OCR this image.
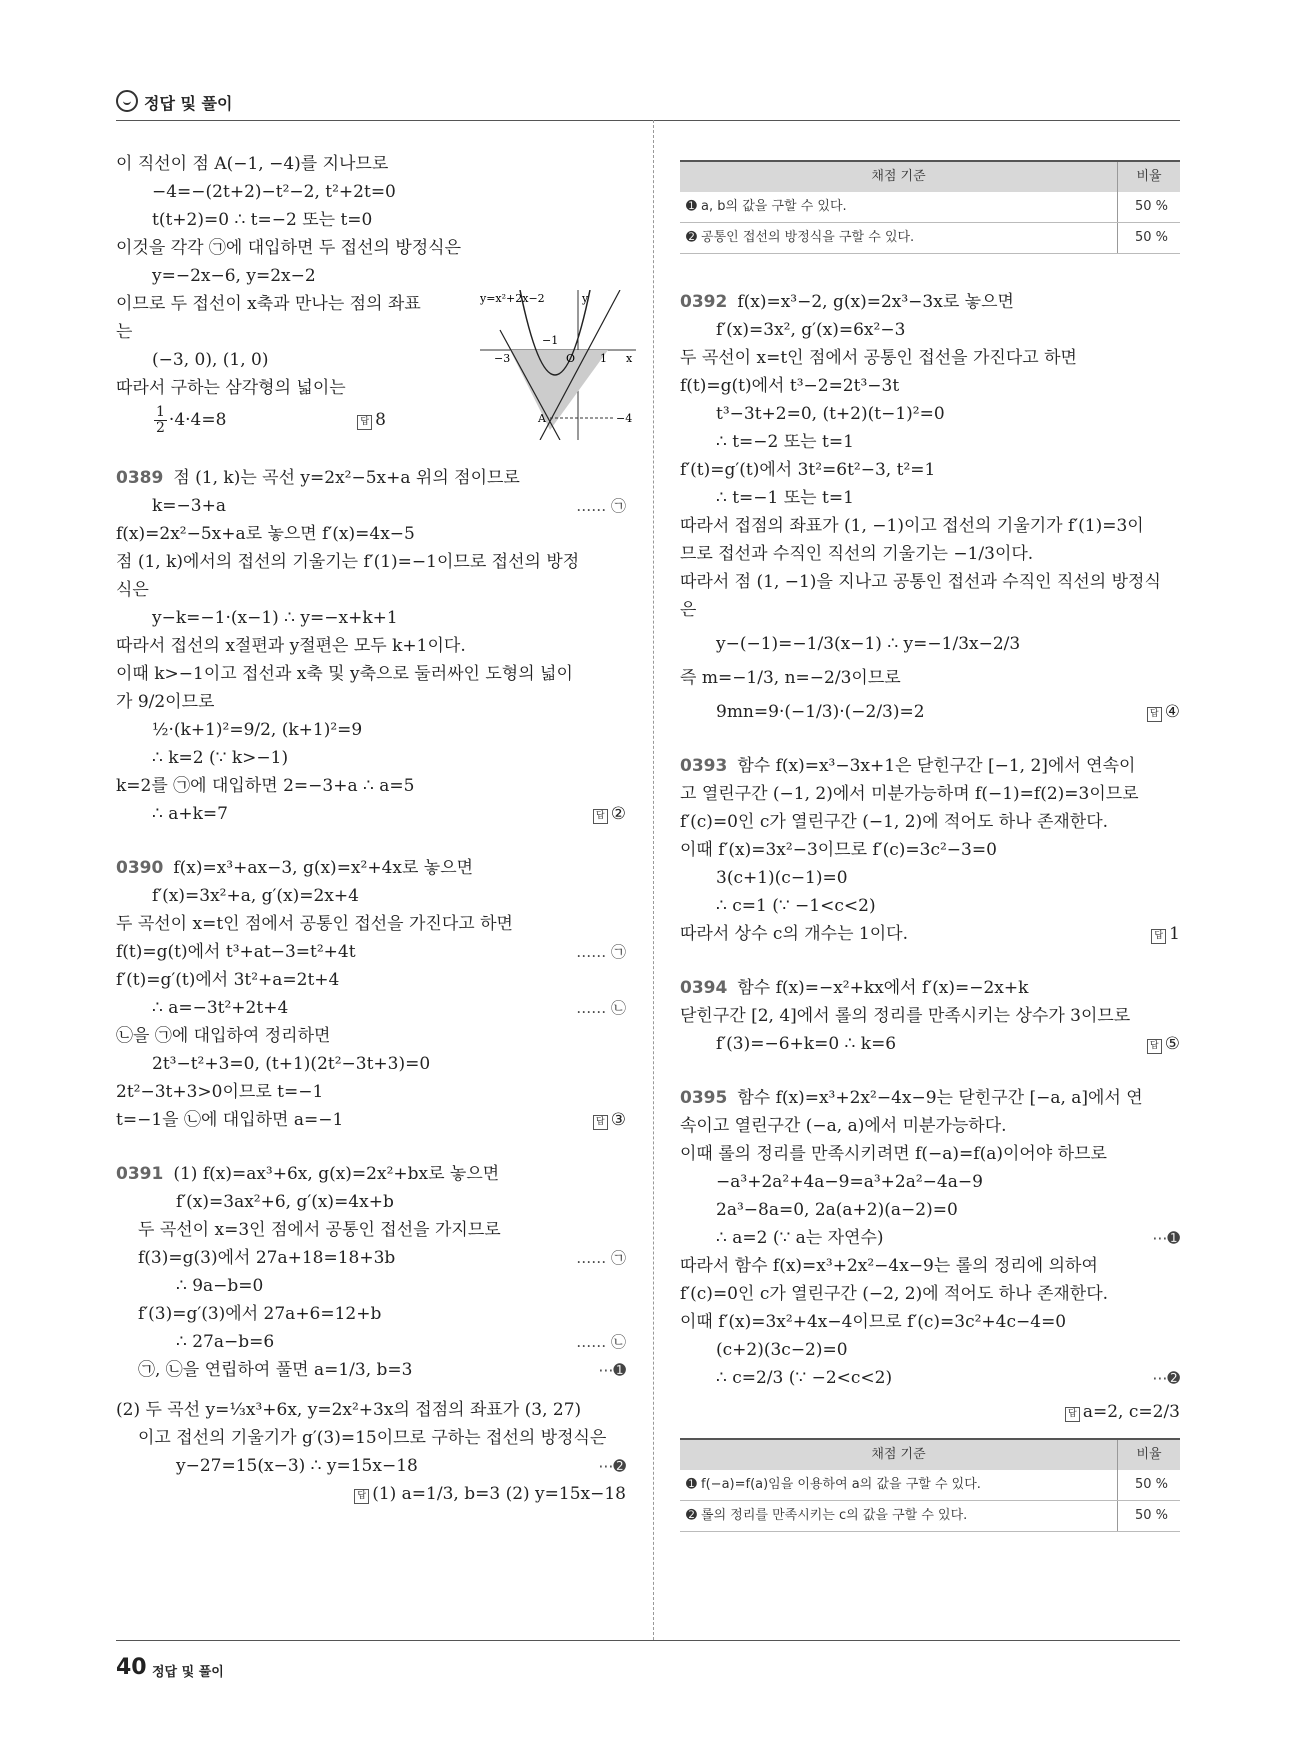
정답 및 풀이
이 직선이 점 A(−1, −4)를 지나므로
−4=−(2t+2)−t²−2, t²+2t=0
t(t+2)=0 ∴ t=−2 또는 t=0
이것을 각각 ㉠에 대입하면 두 접선의 방정식은
y=−2x−6, y=2x−2
이므로 두 접선이 x축과 만나는 점의 좌표
는
(−3, 0), (1, 0)
따라서 구하는 삼각형의 넓이는
$\frac{1}{2} \cdot 4\cdot 4=8$	답 8
0389 점 (1, k)는 곡선 y=2x²−5x+a 위의 점이므로
k=−3+a	…… ㉠
f(x)=2x²−5x+a로 놓으면 f′(x)=4x−5
점 (1, k)에서의 접선의 기울기는 f′(1)=−1이므로 접선의 방정
식은
y−k=−1·(x−1) ∴ y=−x+k+1
따라서 접선의 x절편과 y절편은 모두 k+1이다.
이때 k>−1이고 접선과 x축 및 y축으로 둘러싸인 도형의 넓이
가 9/2이므로
½·(k+1)²=9/2, (k+1)²=9
∴ k=2 (∵ k>−1)
k=2를 ㉠에 대입하면 2=−3+a ∴ a=5
∴ a+k=7	답 ②
0390 f(x)=x³+ax−3, g(x)=x²+4x로 놓으면
f′(x)=3x²+a, g′(x)=2x+4
두 곡선이 x=t인 점에서 공통인 접선을 가진다고 하면
f(t)=g(t)에서 t³+at−3=t²+4t	…… ㉠
f′(t)=g′(t)에서 3t²+a=2t+4
∴ a=−3t²+2t+4	…… ㉡
㉡을 ㉠에 대입하여 정리하면
2t³−t²+3=0, (t+1)(2t²−3t+3)=0
2t²−3t+3>0이므로 t=−1
t=−1을 ㉡에 대입하면 a=−1	답 ③
0391 (1) f(x)=ax³+6x, g(x)=2x²+bx로 놓으면
f′(x)=3ax²+6, g′(x)=4x+b
두 곡선이 x=3인 점에서 공통인 접선을 가지므로
f(3)=g(3)에서 27a+18=18+3b	…… ㉠
∴ 9a−b=0
f′(3)=g′(3)에서 27a+6=12+b
∴ 27a−b=6	…… ㉡
㉠, ㉡을 연립하여 풀면 a=1/3, b=3	⋯➊
(2) 두 곡선 y=⅓x³+6x, y=2x²+3x의 접점의 좌표가 (3, 27)
이고 접선의 기울기가 g′(3)=15이므로 구하는 접선의 방정식은
y−27=15(x−3) ∴ y=15x−18	⋯➋
답 (1) a=1/3, b=3 (2) y=15x−18
y=x²+2x−2	y
x
O
−1
−3	1
A	−4
채점 기준	비율
➊ a, b의 값을 구할 수 있다.	50 %
➋ 공통인 접선의 방정식을 구할 수 있다.	50 %
0392 f(x)=x³−2, g(x)=2x³−3x로 놓으면
f′(x)=3x², g′(x)=6x²−3
두 곡선이 x=t인 점에서 공통인 접선을 가진다고 하면
f(t)=g(t)에서 t³−2=2t³−3t
t³−3t+2=0, (t+2)(t−1)²=0
∴ t=−2 또는 t=1
f′(t)=g′(t)에서 3t²=6t²−3, t²=1
∴ t=−1 또는 t=1
따라서 접점의 좌표가 (1, −1)이고 접선의 기울기가 f′(1)=3이
므로 접선과 수직인 직선의 기울기는 −1/3이다.
따라서 점 (1, −1)을 지나고 공통인 접선과 수직인 직선의 방정식
은
y−(−1)=−1/3(x−1) ∴ y=−1/3x−2/3
즉 m=−1/3, n=−2/3이므로
9mn=9·(−1/3)·(−2/3)=2	답 ④
0393 함수 f(x)=x³−3x+1은 닫힌구간 [−1, 2]에서 연속이
고 열린구간 (−1, 2)에서 미분가능하며 f(−1)=f(2)=3이므로
f′(c)=0인 c가 열린구간 (−1, 2)에 적어도 하나 존재한다.
이때 f′(x)=3x²−3이므로 f′(c)=3c²−3=0
3(c+1)(c−1)=0
∴ c=1 (∵ −1<c<2)
따라서 상수 c의 개수는 1이다.	답 1
0394 함수 f(x)=−x²+kx에서 f′(x)=−2x+k
닫힌구간 [2, 4]에서 롤의 정리를 만족시키는 상수가 3이므로
f′(3)=−6+k=0 ∴ k=6	답 ⑤
0395 함수 f(x)=x³+2x²−4x−9는 닫힌구간 [−a, a]에서 연
속이고 열린구간 (−a, a)에서 미분가능하다.
이때 롤의 정리를 만족시키려면 f(−a)=f(a)이어야 하므로
−a³+2a²+4a−9=a³+2a²−4a−9
2a³−8a=0, 2a(a+2)(a−2)=0
∴ a=2 (∵ a는 자연수)	⋯➊
따라서 함수 f(x)=x³+2x²−4x−9는 롤의 정리에 의하여
f′(c)=0인 c가 열린구간 (−2, 2)에 적어도 하나 존재한다.
이때 f′(x)=3x²+4x−4이므로 f′(c)=3c²+4c−4=0
(c+2)(3c−2)=0
∴ c=2/3 (∵ −2<c<2)	⋯➋
답 a=2, c=2/3
채점 기준	비율
➊ f(−a)=f(a)임을 이용하여 a의 값을 구할 수 있다.	50 %
➋ 롤의 정리를 만족시키는 c의 값을 구할 수 있다.	50 %
40 정답 및 풀이
